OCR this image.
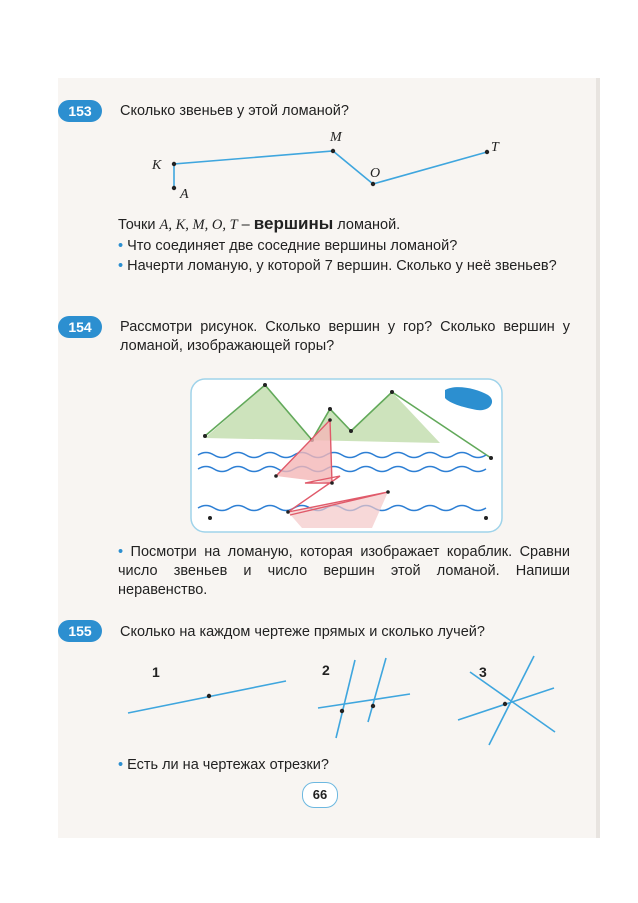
153	Сколько звеньев у этой ломаной?
K
A
M
O
T
Точки A, K, M, O, T – вершины ломаной.
• Что соединяет две соседние вершины ломаной?
• Начерти ломаную, у которой 7 вершин. Сколько у неё звеньев?
154	Рассмотри рисунок. Сколько вершин у гор? Сколько вершин у ломаной, изображающей горы?
• Посмотри на ломаную, которая изображает кораблик. Сравни число звеньев и число вершин этой ломаной. Напиши неравенство.
155	Сколько на каждом чертеже прямых и сколько лучей?
1	2	3
• Есть ли на чертежах отрезки?
66
